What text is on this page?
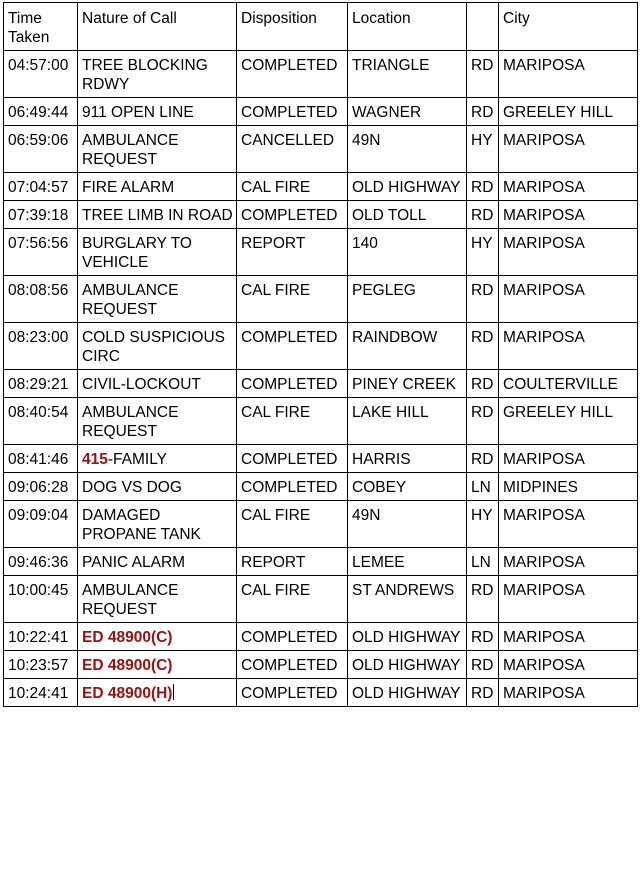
Time Taken	Nature of Call	Disposition	Location		City
04:57:00	TREE BLOCKING RDWY	COMPLETED	TRIANGLE	RD	MARIPOSA
06:49:44	911 OPEN LINE	COMPLETED	WAGNER	RD	GREELEY HILL
06:59:06	AMBULANCE REQUEST	CANCELLED	49N	HY	MARIPOSA
07:04:57	FIRE ALARM	CAL FIRE	OLD HIGHWAY	RD	MARIPOSA
07:39:18	TREE LIMB IN ROAD	COMPLETED	OLD TOLL	RD	MARIPOSA
07:56:56	BURGLARY TO VEHICLE	REPORT	140	HY	MARIPOSA
08:08:56	AMBULANCE REQUEST	CAL FIRE	PEGLEG	RD	MARIPOSA
08:23:00	COLD SUSPICIOUS CIRC	COMPLETED	RAINDBOW	RD	MARIPOSA
08:29:21	CIVIL-LOCKOUT	COMPLETED	PINEY CREEK	RD	COULTERVILLE
08:40:54	AMBULANCE REQUEST	CAL FIRE	LAKE HILL	RD	GREELEY HILL
08:41:46	415-FAMILY	COMPLETED	HARRIS	RD	MARIPOSA
09:06:28	DOG VS DOG	COMPLETED	COBEY	LN	MIDPINES
09:09:04	DAMAGED PROPANE TANK	CAL FIRE	49N	HY	MARIPOSA
09:46:36	PANIC ALARM	REPORT	LEMEE	LN	MARIPOSA
10:00:45	AMBULANCE REQUEST	CAL FIRE	ST ANDREWS	RD	MARIPOSA
10:22:41	ED 48900(C)	COMPLETED	OLD HIGHWAY	RD	MARIPOSA
10:23:57	ED 48900(C)	COMPLETED	OLD HIGHWAY	RD	MARIPOSA
10:24:41	ED 48900(H)	COMPLETED	OLD HIGHWAY	RD	MARIPOSA
